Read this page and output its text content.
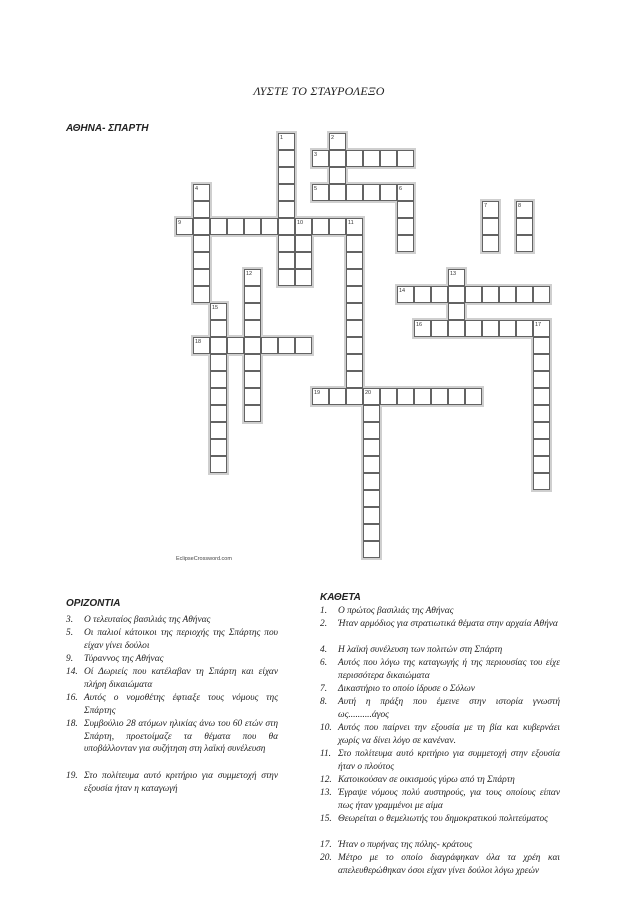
ΛΥΣΤΕ ΤΟ ΣΤΑΥΡΟΛΕΞΟ
ΑΘΗΝΑ- ΣΠΑΡΤΗ
1	2
3
4	5	6
7	8
9	10	11
12	13
14
15
16	17
18
19	20
EclipseCrossword.com
ΟΡΙΖΟΝΤΙΑ
ΚΑΘΕΤΑ
3. Ο τελευταίος βασιλιάς της Αθήνας
5. Οι παλιοί κάτοικοι της περιοχής της Σπάρτης που είχαν γίνει δούλοι
9. Τύραννος της Αθήνας
14. Οί Δωριείς που κατέλαβαν τη Σπάρτη και είχαν πλήρη δικαιώματα
16. Αυτός ο νομοθέτης έφτιαξε τους νόμους της Σπάρτης
18. Συμβούλιο 28 ατόμων ηλικίας άνω του 60 ετών στη Σπάρτη, προετοίμαζε τα θέματα που θα υποβάλλονταν για συζήτηση στη λαϊκή συνέλευση
19. Στο πολίτευμα αυτό κριτήριο για συμμετοχή στην εξουσία ήταν η καταγωγή
1. Ο πρώτος βασιλιάς της Αθήνας
2. Ήταν αρμόδιος για στρατιωτικά θέματα στην αρχαία Αθήνα
4. Η λαϊκή συνέλευση των πολιτών στη Σπάρτη
6. Αυτός που λόγω της καταγωγής ή της περιουσίας του είχε περισσότερα δικαιώματα
7. Δικαστήριο το οποίο ίδρυσε ο Σόλων
8. Αυτή η πράξη που έμεινε στην ιστορία γνωστή ως..........άγος
10. Αυτός που παίρνει την εξουσία με τη βία και κυβερνάει χωρίς να δίνει λόγο σε κανέναν.
11. Στο πολίτευμα αυτό κριτήριο για συμμετοχή στην εξουσία ήταν ο πλούτος
12. Κατοικούσαν σε οικισμούς γύρω από τη Σπάρτη
13. Έγραψε νόμους πολύ αυστηρούς, για τους οποίους είπαν πως ήταν γραμμένοι με αίμα
15. Θεωρείται ο θεμελιωτής του δημοκρατικού πολιτεύματος
17. Ήταν ο πυρήνας της πόλης- κράτους
20. Μέτρο με το οποίο διαγράφηκαν όλα τα χρέη και απελευθερώθηκαν όσοι είχαν γίνει δούλοι λόγω χρεών
